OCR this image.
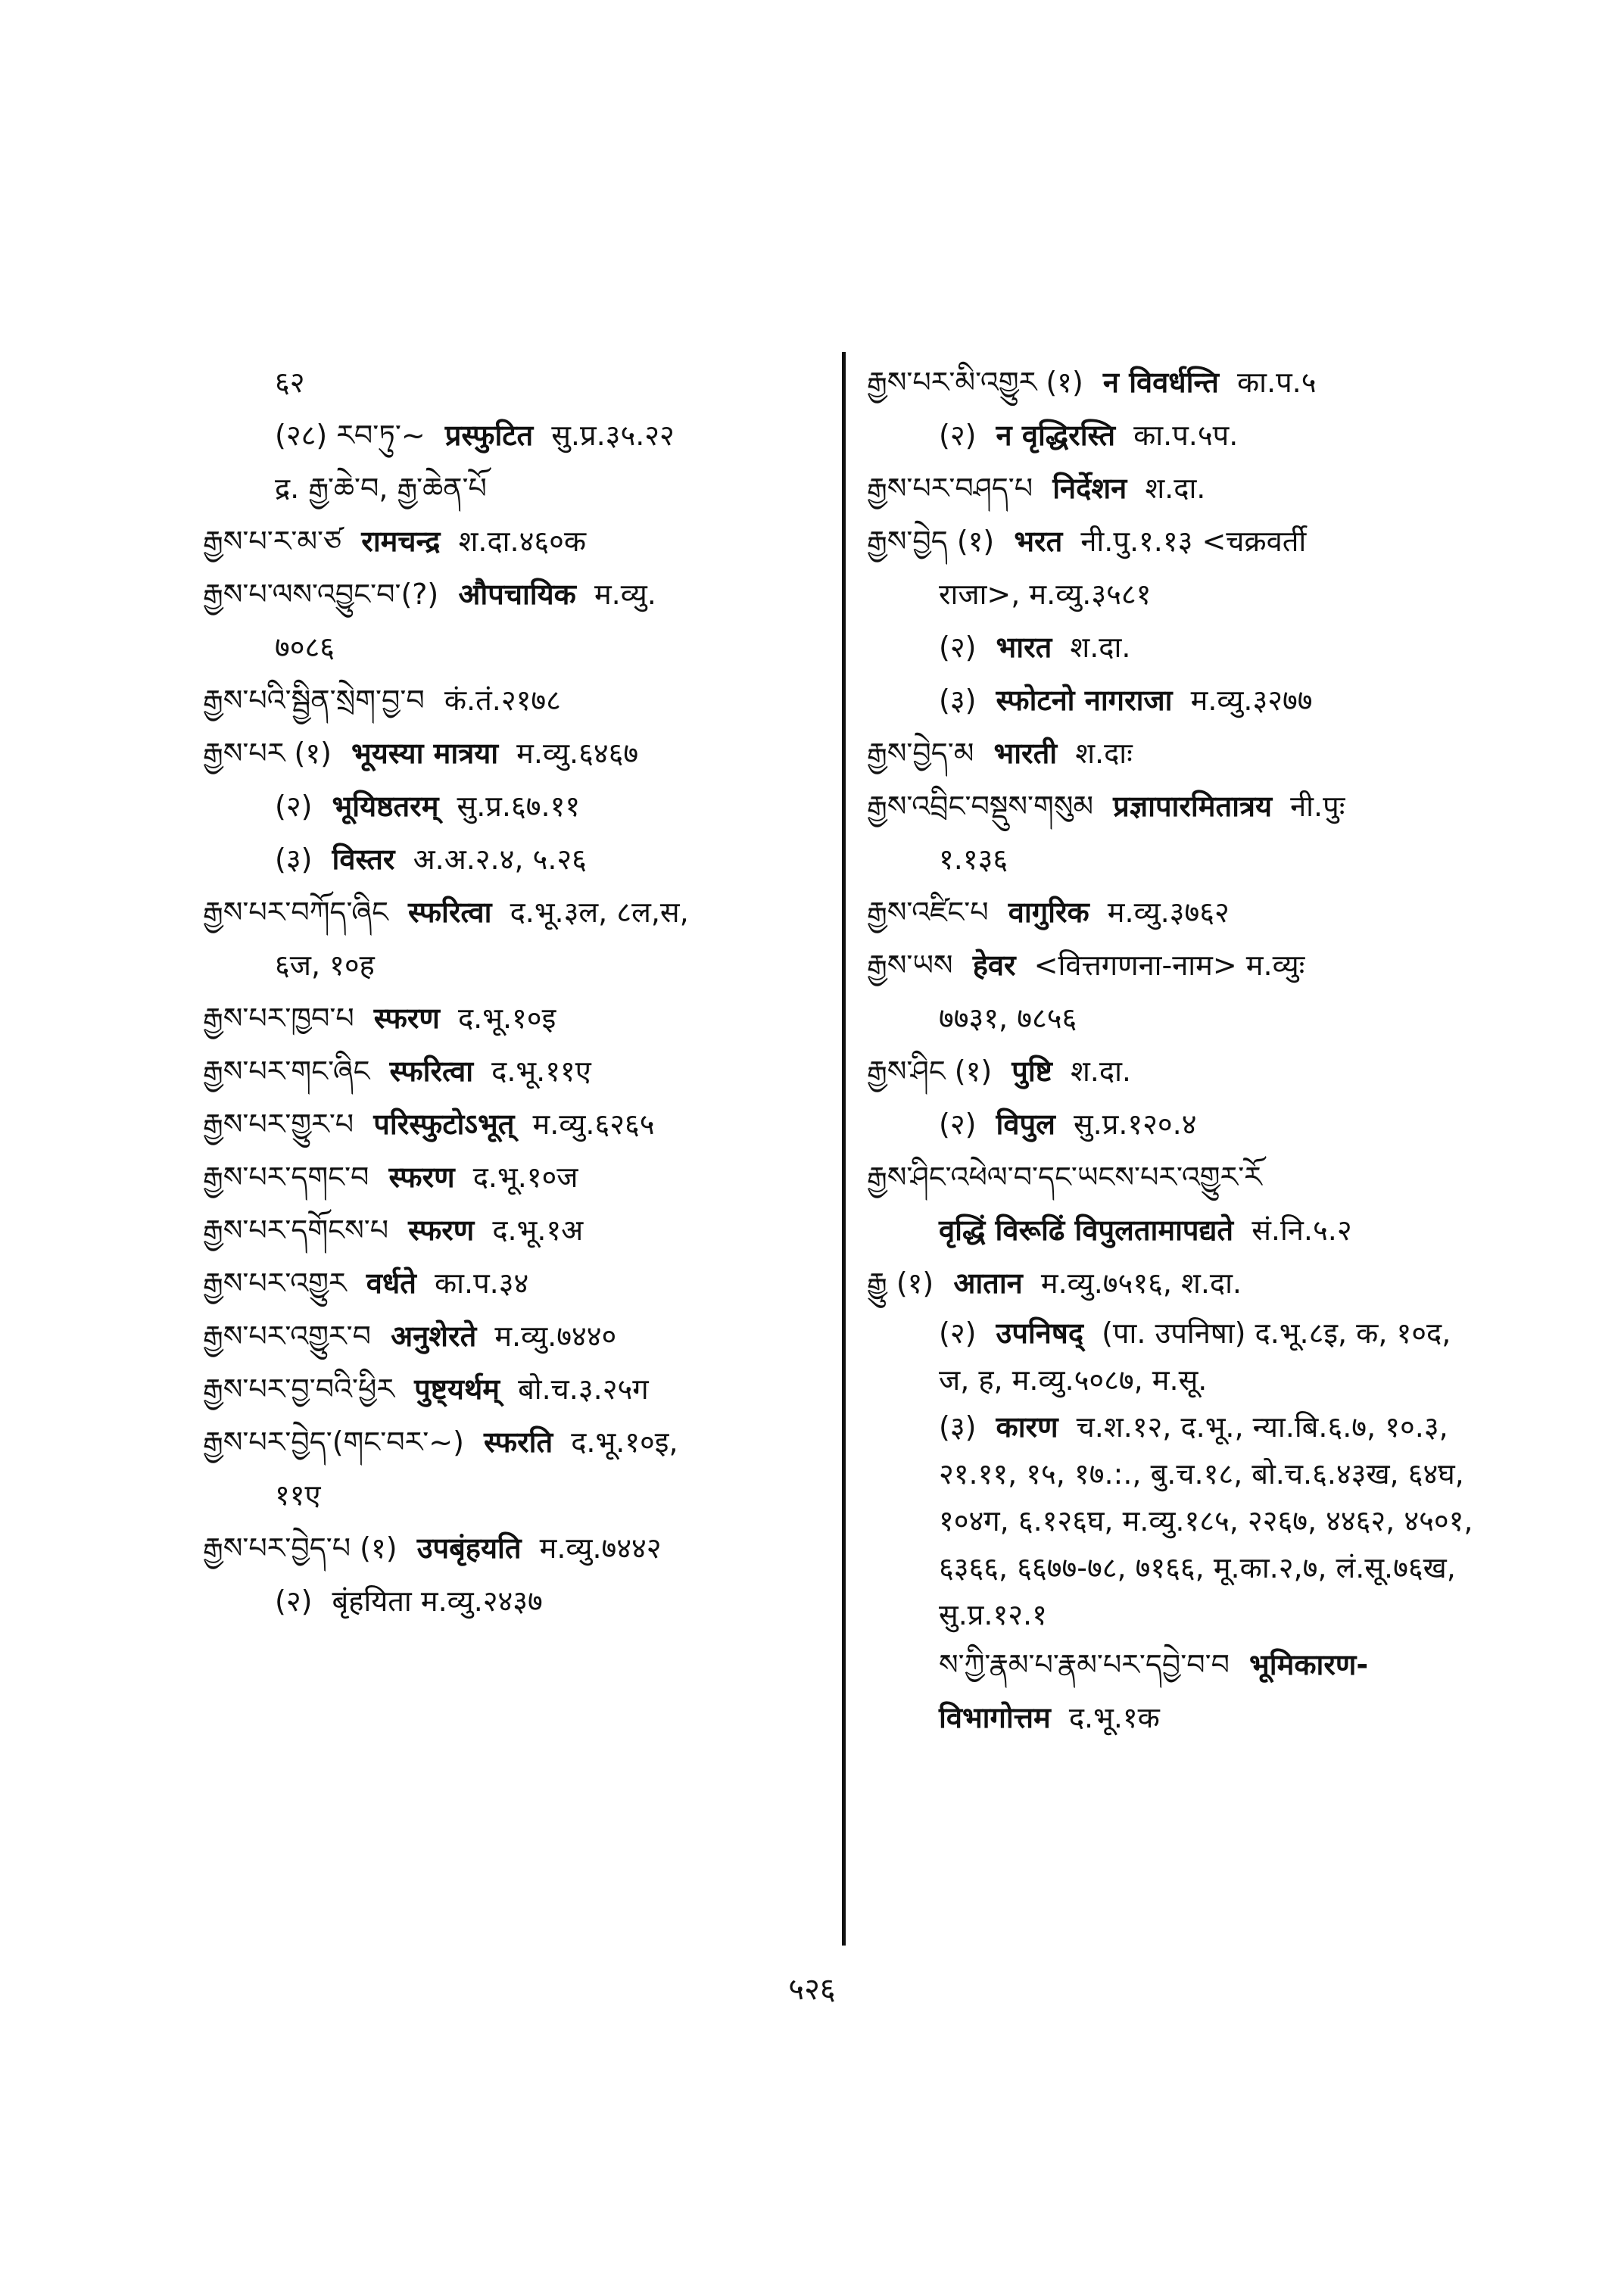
६२
(२८) རབ་ཏུ་~ प्रस्फुटित सु.प्र.३५.२२
द्र. རྒྱ་ཆེ་བ, རྒྱ་ཆེན་པོ
རྒྱས་པ་ར་མ་ཙ रामचन्द्र श.दा.४६०क
རྒྱས་པ་ལས་འབྱུང་བ་(?) औपचायिक म.व्यु.
७०८६
རྒྱས་པའི་སྦྱིན་སྲེག་བྱ་བ कं.तं.२१७८
རྒྱས་པར (१) भूयस्या मात्रया म.व्यु.६४६७
(२) भूयिष्ठतरम् सु.प्र.६७.११
(३) विस्तर अ.अ.२.४, ५.२६
རྒྱས་པར་བཀོད་ཞིང स्फरित्वा द.भू.३ल, ८ल,स,
६ज, १०ह
རྒྱས་པར་ཁྱབ་པ स्फरण द.भू.१०इ
རྒྱས་པར་གང་ཞིང स्फरित्वा द.भू.११ए
རྒྱས་པར་གྱུར་པ परिस्फुटोऽभूत् म.व्यु.६२६५
རྒྱས་པར་དགང་བ स्फरण द.भू.१०ज
རྒྱས་པར་དགོངས་པ स्फरण द.भू.१अ
རྒྱས་པར་འགྱུར वर्धते का.प.३४
རྒྱས་པར་འགྱུར་བ अनुशेरते म.व्यु.७४४०
རྒྱས་པར་བྱ་བའི་ཕྱིར पुष्ट्यर्थम् बो.च.३.२५ग
རྒྱས་པར་བྱེད་(གང་བར་~) स्फरति द.भू.१०इ,
११ए
རྒྱས་པར་བྱེད་པ (१) उपबृंहयति म.व्यु.७४४२
(२) बृंहयिता म.व्यु.२४३७
རྒྱས་པར་མི་འགྱུར (१) न विवर्धन्ति का.प.५
(२) न वृद्धिरस्ति का.प.५प.
རྒྱས་པར་བཤད་པ निर्देशन श.दा.
རྒྱས་བྱེད (१) भरत नी.पु.१.१३ <चक्रवर्ती
राजा>, म.व्यु.३५८१
(२) भारत श.दा.
(३) स्फोटनो नागराजा म.व्यु.३२७७
རྒྱས་བྱེད་མ भारती श.दाः
རྒྱས་འབྲིང་བསྡུས་གསུམ प्रज्ञापारमितात्रय नी.पुः
१.१३६
རྒྱས་འཛིང་པ वागुरिक म.व्यु.३७६२
རྒྱས་ཡས हेवर <वित्तगणना-नाम> म.व्युः
७७३१, ७८५६
རྒྱས་ཤིང (१) पुष्टि श.दा.
(२) विपुल सु.प्र.१२०.४
རྒྱས་ཤིང་འཕེལ་བ་དང་ཡངས་པར་འགྱུར་རོ
वृद्धिं विरूढिं विपुलतामापद्यते सं.नि.५.२
རྒྱུ (१) आतान म.व्यु.७५१६, श.दा.
(२) उपनिषद् (पा. उपनिषा) द.भू.८इ, क, १०द, ज, ह, म.व्यु.५०८७, म.सू.
(३) कारण च.श.१२, द.भू., न्या.बि.६.७, १०.३, २१.११, १५, १७.:., बु.च.१८, बो.च.६.४३ख, ६४घ, १०४ग, ६.१२६घ, म.व्यु.१८५, २२६७, ४४६२, ४५०१, ६३६६, ६६७७-७८, ७१६६, मू.का.२,७, लं.सू.७६ख, सु.प्र.१२.१
ས་ཀྱི་རྣམ་པ་རྣམ་པར་དབྱེ་བ་བ भूमिकारण-
विभागोत्तम द.भू.१क
५२६
